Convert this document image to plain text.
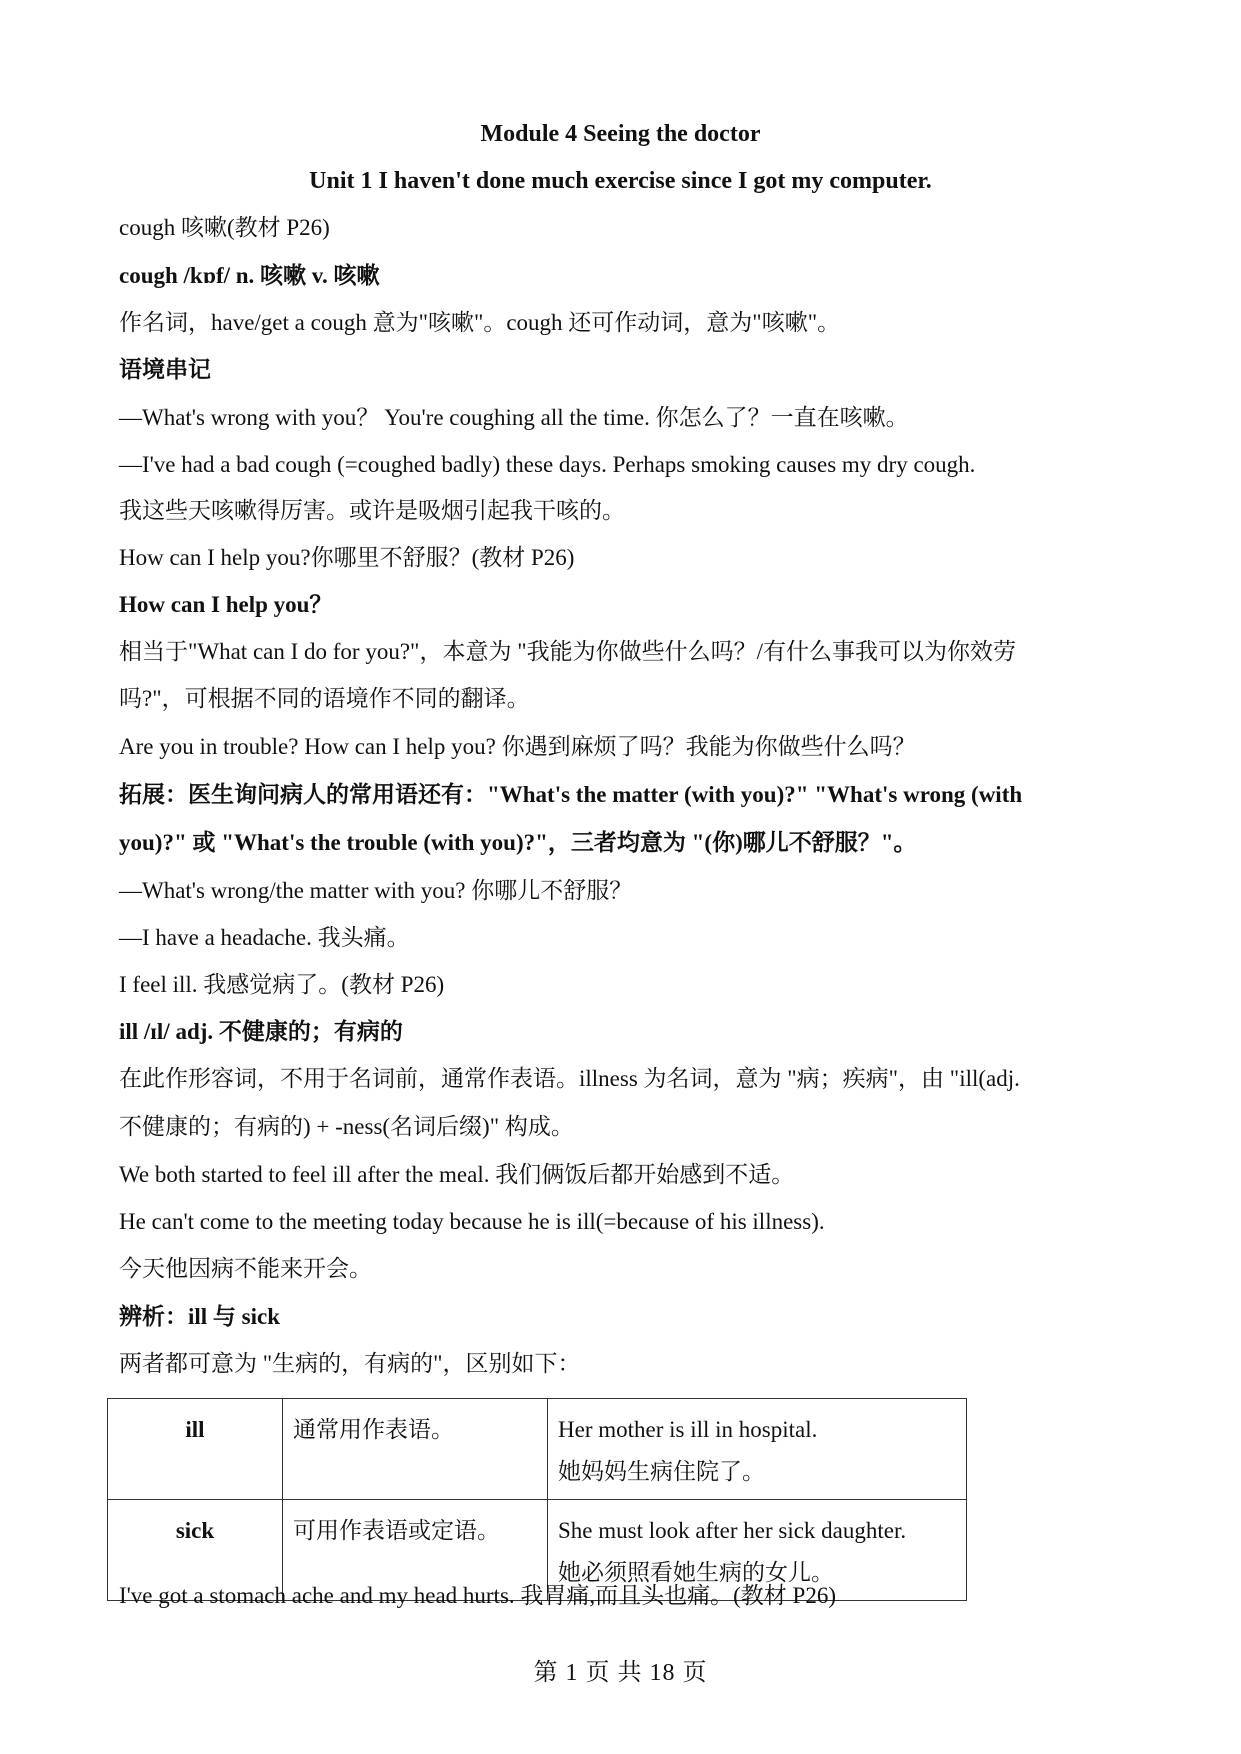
Module 4 Seeing the doctor
Unit 1 I haven't done much exercise since I got my computer.
cough 咳嗽(教材 P26)
cough /kɒf/ n. 咳嗽 v. 咳嗽
作名词，have/get a cough 意为"咳嗽"。cough 还可作动词，意为"咳嗽"。
语境串记
—What's wrong with you？ You're coughing all the time. 你怎么了？一直在咳嗽。
—I've had a bad cough (=coughed badly) these days. Perhaps smoking causes my dry cough.
我这些天咳嗽得厉害。或许是吸烟引起我干咳的。
How can I help you?你哪里不舒服？(教材 P26)
How can I help you？
相当于"What can I do for you?"，本意为 "我能为你做些什么吗？/有什么事我可以为你效劳
吗?"，可根据不同的语境作不同的翻译。
Are you in trouble? How can I help you? 你遇到麻烦了吗？我能为你做些什么吗？
拓展：医生询问病人的常用语还有："What's the matter (with you)?" "What's wrong (with
you)?" 或 "What's the trouble (with you)?"，三者均意为 "(你)哪儿不舒服？"。
—What's wrong/the matter with you? 你哪儿不舒服？
—I have a headache. 我头痛。
I feel ill. 我感觉病了。(教材 P26)
ill /ɪl/ adj. 不健康的；有病的
在此作形容词，不用于名词前，通常作表语。illness 为名词，意为 "病；疾病"，由 "ill(adj.
不健康的；有病的) + -ness(名词后缀)" 构成。
We both started to feel ill after the meal. 我们俩饭后都开始感到不适。
He can't come to the meeting today because he is ill(=because of his illness).
今天他因病不能来开会。
辨析：ill 与 sick
两者都可意为 "生病的，有病的"，区别如下：
ill	通常用作表语。	Her mother is ill in hospital.
她妈妈生病住院了。

sick	可用作表语或定语。	She must look after her sick daughter.
她必须照看她生病的女儿。
I've got a stomach ache and my head hurts. 我胃痛,而且头也痛。(教材 P26)
第 1 页 共 18 页
